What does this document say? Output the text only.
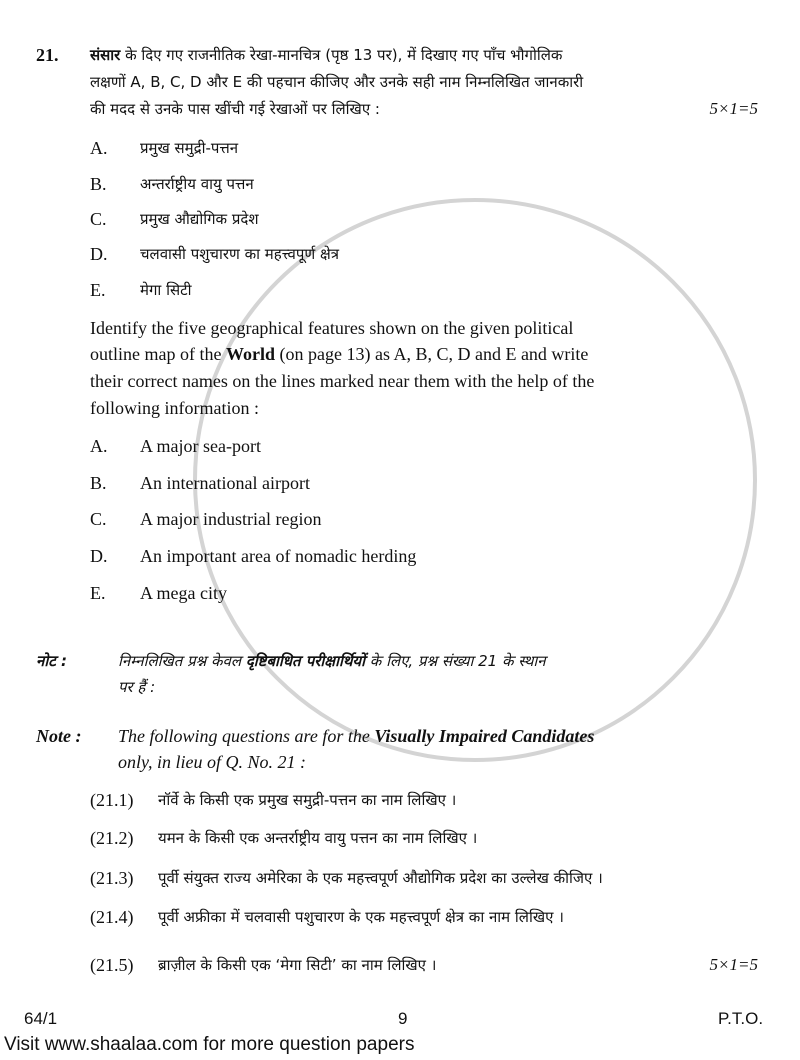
21. संसार के दिए गए राजनीतिक रेखा-मानचित्र (पृष्ठ 13 पर), में दिखाए गए पाँच भौगोलिक
लक्षणों A, B, C, D और E की पहचान कीजिए और उनके सही नाम निम्नलिखित जानकारी
की मदद से उनके पास खींची गई रेखाओं पर लिखिए :	5×1=5
Identify the five geographical features shown on the given political
outline map of the World (on page 13) as A, B, C, D and E and write
their correct names on the lines marked near them with the help of the
following information :
नोट :	निम्नलिखित प्रश्न केवल दृष्टिबाधित परीक्षार्थियों के लिए, प्रश्न संख्या 21 के स्थान
पर हैं :
Note : The following questions are for the Visually Impaired Candidates
only, in lieu of Q. No. 21 :
5×1=5
64/1	9	P.T.O.
Visit www.shaalaa.com for more question papers
A. प्रमुख समुद्री-पत्तन
B. अन्तर्राष्ट्रीय वायु पत्तन
C. प्रमुख औद्योगिक प्रदेश
D. चलवासी पशुचारण का महत्त्वपूर्ण क्षेत्र
E. मेगा सिटी
A. A major sea-port
B. An international airport
C. A major industrial region
D. An important area of nomadic herding
E. A mega city
(21.1) नॉर्वे के किसी एक प्रमुख समुद्री-पत्तन का नाम लिखिए ।
(21.2) यमन के किसी एक अन्तर्राष्ट्रीय वायु पत्तन का नाम लिखिए ।
(21.3) पूर्वी संयुक्त राज्य अमेरिका के एक महत्त्वपूर्ण औद्योगिक प्रदेश का उल्लेख कीजिए ।
(21.4) पूर्वी अफ्रीका में चलवासी पशुचारण के एक महत्त्वपूर्ण क्षेत्र का नाम लिखिए ।
(21.5) ब्राज़ील के किसी एक ‘मेगा सिटी’ का नाम लिखिए ।
